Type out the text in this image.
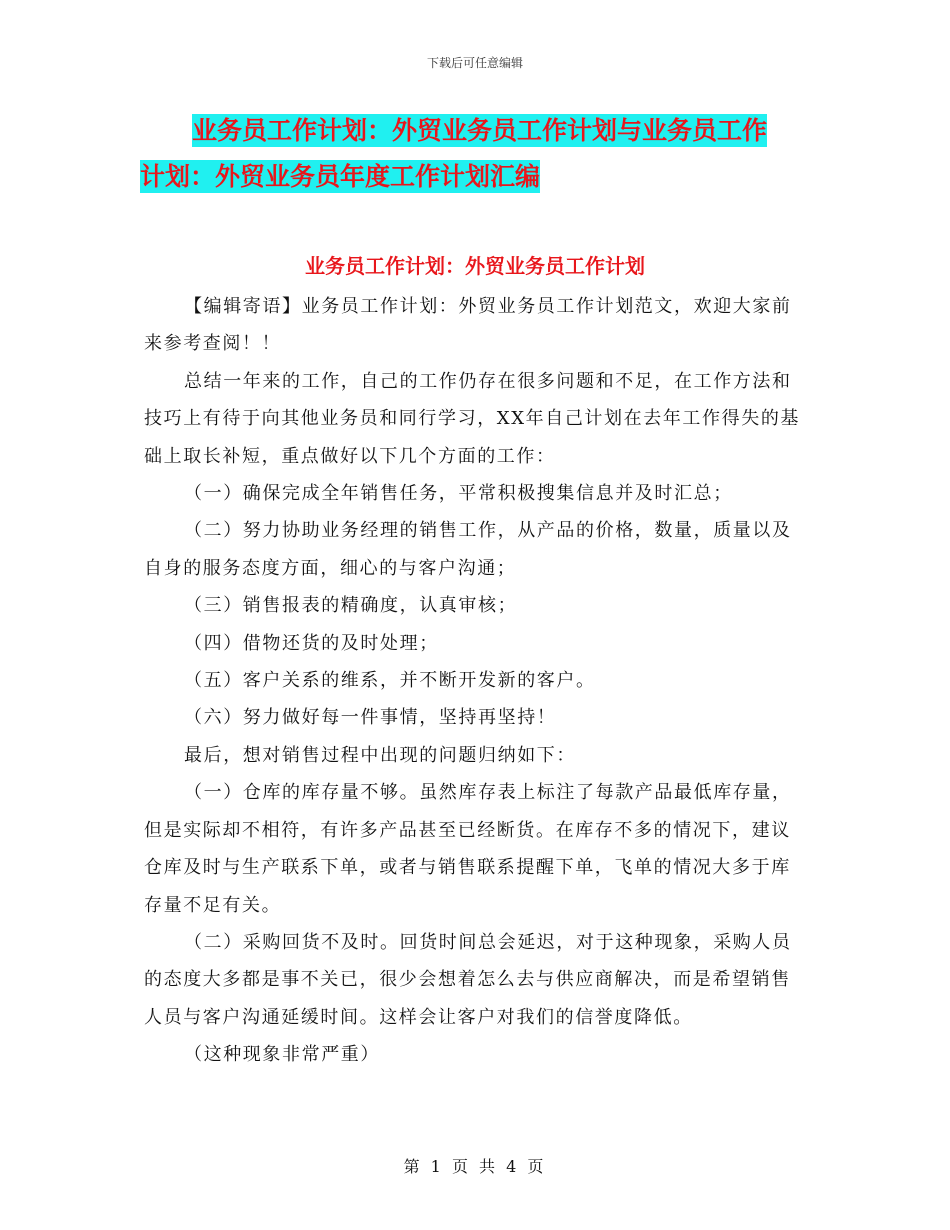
下载后可任意编辑
业务员工作计划：外贸业务员工作计划与业务员工作
计划：外贸业务员年度工作计划汇编
业务员工作计划：外贸业务员工作计划

【编辑寄语】业务员工作计划：外贸业务员工作计划范文，欢迎大家前来参考查阅！！

总结一年来的工作，自己的工作仍存在很多问题和不足，在工作方法和技巧上有待于向其他业务员和同行学习，XX年自己计划在去年工作得失的基础上取长补短，重点做好以下几个方面的工作：

（一）确保完成全年销售任务，平常积极搜集信息并及时汇总；

（二）努力协助业务经理的销售工作，从产品的价格，数量，质量以及自身的服务态度方面，细心的与客户沟通；

（三）销售报表的精确度，认真审核；

（四）借物还货的及时处理；

（五）客户关系的维系，并不断开发新的客户。

（六）努力做好每一件事情，坚持再坚持！

最后，想对销售过程中出现的问题归纳如下：

（一）仓库的库存量不够。虽然库存表上标注了每款产品最低库存量，但是实际却不相符，有许多产品甚至已经断货。在库存不多的情况下，建议仓库及时与生产联系下单，或者与销售联系提醒下单，飞单的情况大多于库存量不足有关。

（二）采购回货不及时。回货时间总会延迟，对于这种现象，采购人员的态度大多都是事不关已，很少会想着怎么去与供应商解决，而是希望销售人员与客户沟通延缓时间。这样会让客户对我们的信誉度降低。

（这种现象非常严重）

第 1 页 共 4 页
